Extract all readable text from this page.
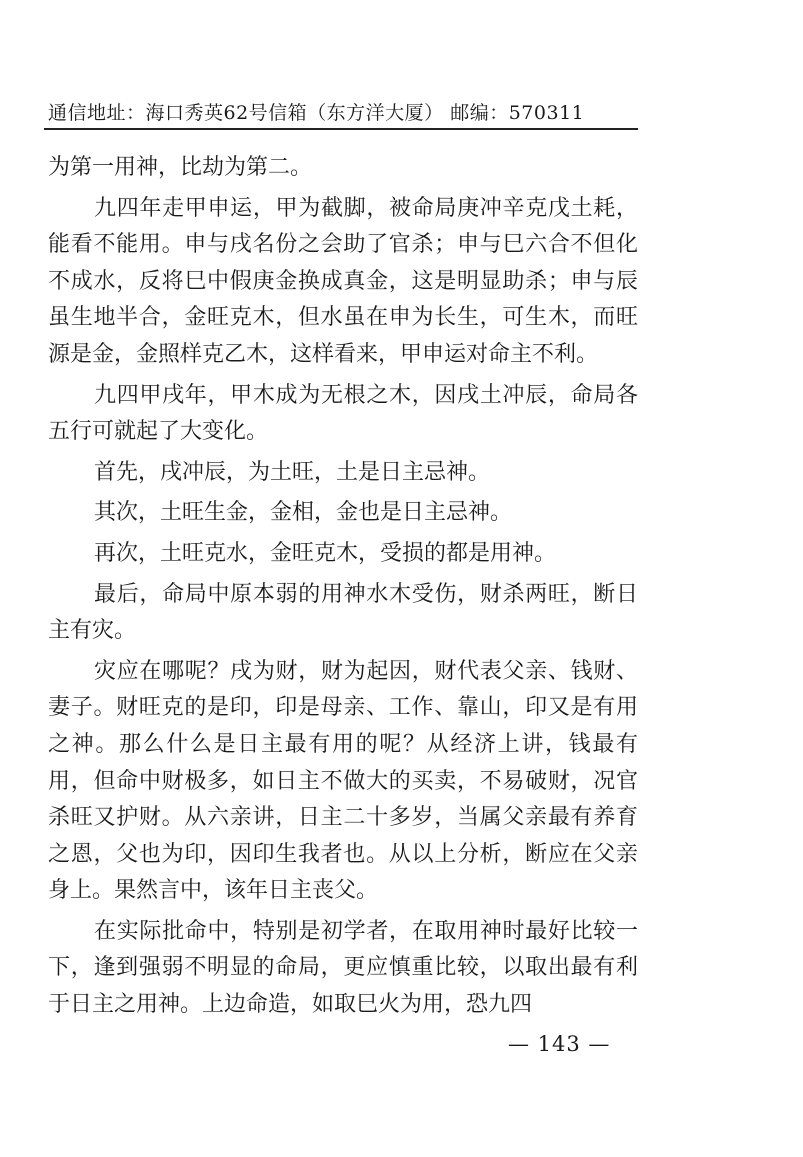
通信地址：海口秀英62号信箱（东方洋大厦） 邮编：570311

为第一用神，比劫为第二。

九四年走甲申运，甲为截脚，被命局庚冲辛克戊土耗，能看不能用。申与戌名份之会助了官杀；申与巳六合不但化不成水，反将巳中假庚金换成真金，这是明显助杀；申与辰虽生地半合，金旺克木，但水虽在申为长生，可生木，而旺源是金，金照样克乙木，这样看来，甲申运对命主不利。

九四甲戌年，甲木成为无根之木，因戌土冲辰，命局各五行可就起了大变化。

首先，戌冲辰，为土旺，土是日主忌神。

其次，土旺生金，金相，金也是日主忌神。

再次，土旺克水，金旺克木，受损的都是用神。

最后，命局中原本弱的用神水木受伤，财杀两旺，断日主有灾。

灾应在哪呢？戌为财，财为起因，财代表父亲、钱财、妻子。财旺克的是印，印是母亲、工作、靠山，印又是有用之神。那么什么是日主最有用的呢？从经济上讲，钱最有用，但命中财极多，如日主不做大的买卖，不易破财，况官杀旺又护财。从六亲讲，日主二十多岁，当属父亲最有养育之恩，父也为印，因印生我者也。从以上分析，断应在父亲身上。果然言中，该年日主丧父。

在实际批命中，特别是初学者，在取用神时最好比较一下，逢到强弱不明显的命局，更应慎重比较，以取出最有利于日主之用神。上边命造，如取巳火为用，恐九四

— 143 —
